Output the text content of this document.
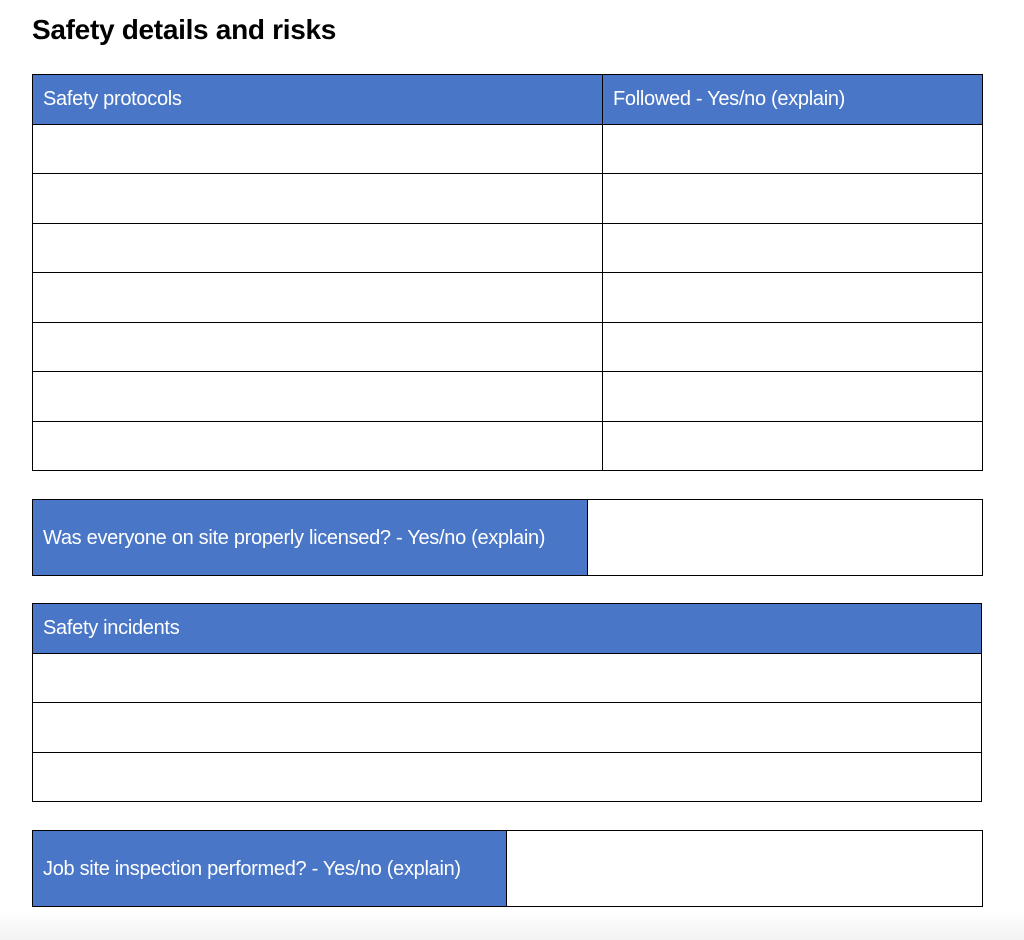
Safety details and risks
Safety protocols	Followed - Yes/no (explain)

Was everyone on site properly licensed? - Yes/no (explain)	
Safety incidents

Job site inspection performed? - Yes/no (explain)	
